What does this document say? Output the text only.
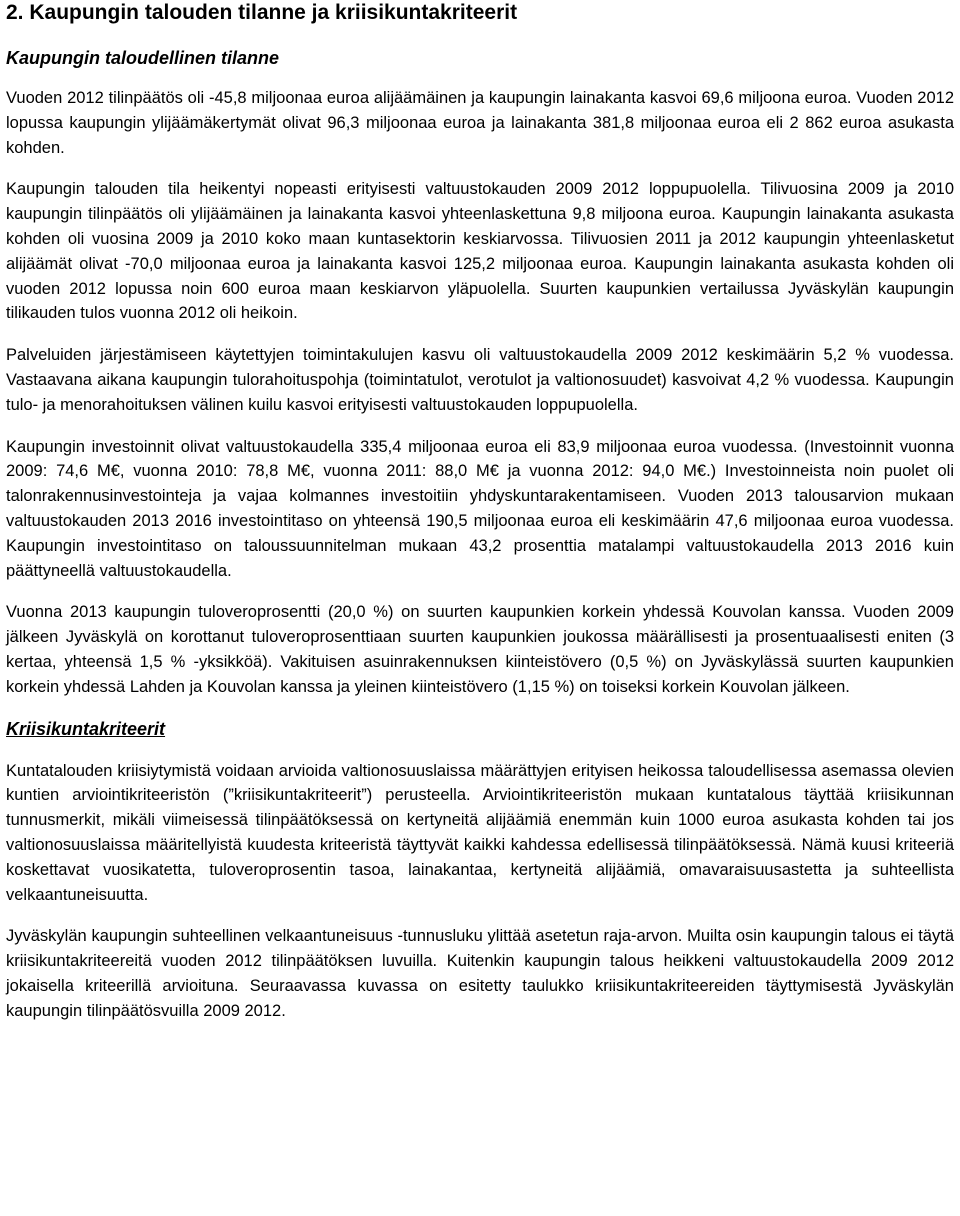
2. Kaupungin talouden tilanne ja kriisikuntakriteerit
Kaupungin taloudellinen tilanne

Vuoden 2012 tilinpäätös oli -45,8 miljoonaa euroa alijäämäinen ja kaupungin lainakanta kasvoi 69,6 miljoona euroa. Vuoden 2012 lopussa kaupungin ylijäämäkertymät olivat 96,3 miljoonaa euroa ja lainakanta 381,8 miljoonaa euroa eli 2 862 euroa asukasta kohden.

Kaupungin talouden tila heikentyi nopeasti erityisesti valtuustokauden 2009 2012 loppupuolella. Tilivuosina 2009 ja 2010 kaupungin tilinpäätös oli ylijäämäinen ja lainakanta kasvoi yhteenlaskettuna 9,8 miljoona euroa. Kaupungin lainakanta asukasta kohden oli vuosina 2009 ja 2010 koko maan kuntasektorin keskiarvossa. Tilivuosien 2011 ja 2012 kaupungin yhteenlasketut alijäämät olivat -70,0 miljoonaa euroa ja lainakanta kasvoi 125,2 miljoonaa euroa. Kaupungin lainakanta asukasta kohden oli vuoden 2012 lopussa noin 600 euroa maan keskiarvon yläpuolella. Suurten kaupunkien vertailussa Jyväskylän kaupungin tilikauden tulos vuonna 2012 oli heikoin.

Palveluiden järjestämiseen käytettyjen toimintakulujen kasvu oli valtuustokaudella 2009 2012 keskimäärin 5,2 % vuodessa. Vastaavana aikana kaupungin tulorahoituspohja (toimintatulot, verotulot ja valtionosuudet) kasvoivat 4,2 % vuodessa. Kaupungin tulo- ja menorahoituksen välinen kuilu kasvoi erityisesti valtuustokauden loppupuolella.

Kaupungin investoinnit olivat valtuustokaudella 335,4 miljoonaa euroa eli 83,9 miljoonaa euroa vuodessa. (Investoinnit vuonna 2009: 74,6 M€, vuonna 2010: 78,8 M€, vuonna 2011: 88,0 M€ ja vuonna 2012: 94,0 M€.) Investoinneista noin puolet oli talonrakennusinvestointeja ja vajaa kolmannes investoitiin yhdyskuntarakentamiseen. Vuoden 2013 talousarvion mukaan valtuustokauden 2013 2016 investointitaso on yhteensä 190,5 miljoonaa euroa eli keskimäärin 47,6 miljoonaa euroa vuodessa. Kaupungin investointitaso on taloussuunnitelman mukaan 43,2 prosenttia matalampi valtuustokaudella 2013 2016 kuin päättyneellä valtuustokaudella.

Vuonna 2013 kaupungin tuloveroprosentti (20,0 %) on suurten kaupunkien korkein yhdessä Kouvolan kanssa. Vuoden 2009 jälkeen Jyväskylä on korottanut tuloveroprosenttiaan suurten kaupunkien joukossa määrällisesti ja prosentuaalisesti eniten (3 kertaa, yhteensä 1,5 % -yksikköä). Vakituisen asuinrakennuksen kiinteistövero (0,5 %) on Jyväskylässä suurten kaupunkien korkein yhdessä Lahden ja Kouvolan kanssa ja yleinen kiinteistövero (1,15 %) on toiseksi korkein Kouvolan jälkeen.

Kriisikuntakriteerit

Kuntatalouden kriisiytymistä voidaan arvioida valtionosuuslaissa määrättyjen erityisen heikossa taloudellisessa asemassa olevien kuntien arviointikriteeristön (”kriisikuntakriteerit”) perusteella. Arviointikriteeristön mukaan kuntatalous täyttää kriisikunnan tunnusmerkit, mikäli viimeisessä tilinpäätöksessä on kertyneitä alijäämiä enemmän kuin 1000 euroa asukasta kohden tai jos valtionosuuslaissa määritellyistä kuudesta kriteeristä täyttyvät kaikki kahdessa edellisessä tilinpäätöksessä. Nämä kuusi kriteeriä koskettavat vuosikatetta, tuloveroprosentin tasoa, lainakantaa, kertyneitä alijäämiä, omavaraisuusastetta ja suhteellista velkaantuneisuutta.

Jyväskylän kaupungin suhteellinen velkaantuneisuus -tunnusluku ylittää asetetun raja-arvon. Muilta osin kaupungin talous ei täytä kriisikuntakriteereitä vuoden 2012 tilinpäätöksen luvuilla. Kuitenkin kaupungin talous heikkeni valtuustokaudella 2009 2012 jokaisella kriteerillä arvioituna. Seuraavassa kuvassa on esitetty taulukko kriisikuntakriteereiden täyttymisestä Jyväskylän kaupungin tilinpäätösvuilla 2009 2012.
